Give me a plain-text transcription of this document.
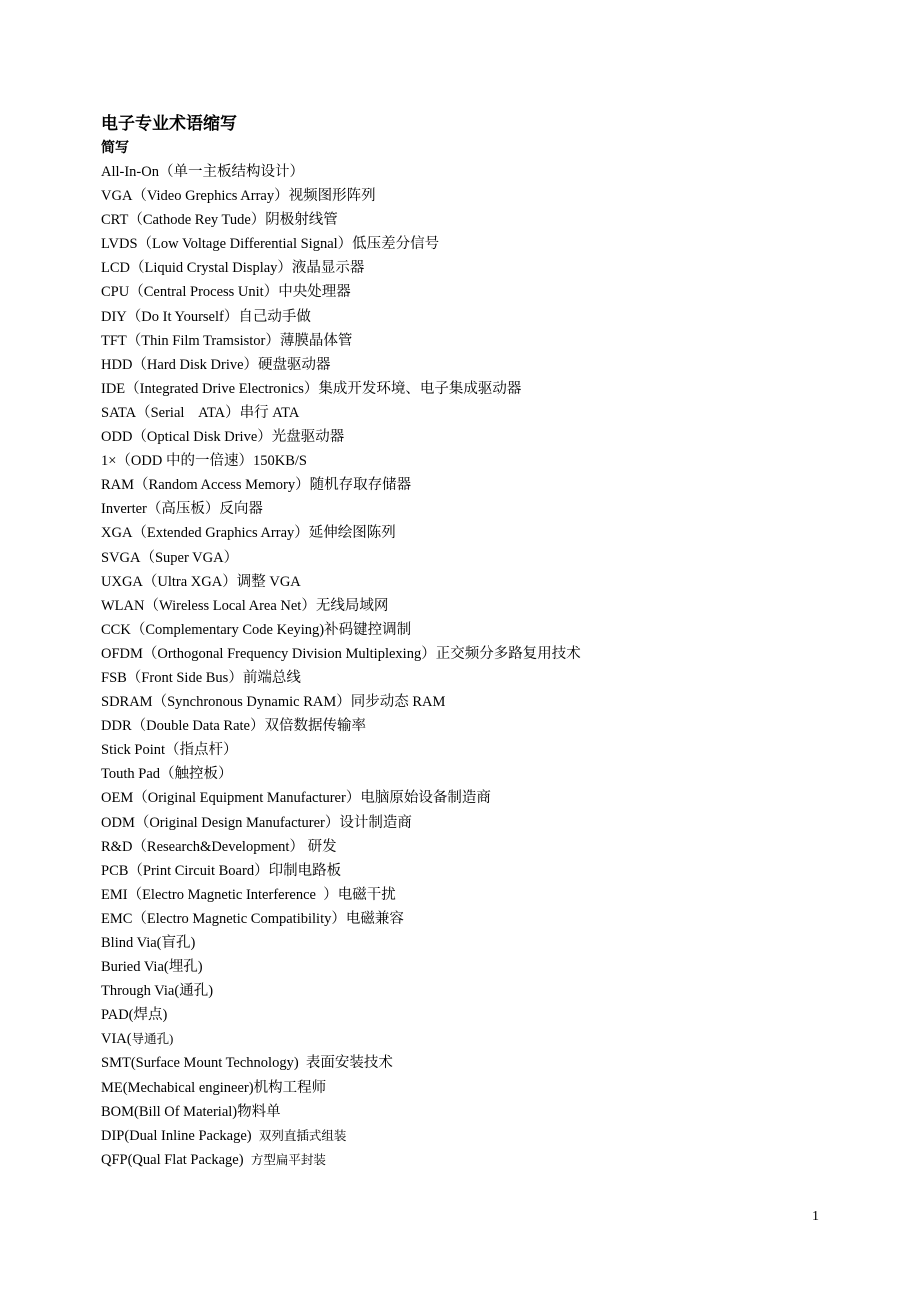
电子专业术语缩写
简写
All-In-On（单一主板结构设计）
VGA（Video Grephics Array）视频图形阵列
CRT（Cathode Rey Tude）阴极射线管
LVDS（Low Voltage Differential Signal）低压差分信号
LCD（Liquid Crystal Display）液晶显示器
CPU（Central Process Unit）中央处理器
DIY（Do It Yourself）自己动手做
TFT（Thin Film Tramsistor）薄膜晶体管
HDD（Hard Disk Drive）硬盘驱动器
IDE（Integrated Drive Electronics）集成开发环境、电子集成驱动器
SATA（Serial    ATA）串行 ATA
ODD（Optical Disk Drive）光盘驱动器
1×（ODD 中的一倍速）150KB/S
RAM（Random Access Memory）随机存取存储器
Inverter（高压板）反向器
XGA（Extended Graphics Array）延伸绘图陈列
SVGA（Super VGA）
UXGA（Ultra XGA）调整 VGA
WLAN（Wireless Local Area Net）无线局域网
CCK（Complementary Code Keying)补码键控调制
OFDM（Orthogonal Frequency Division Multiplexing）正交频分多路复用技术
FSB（Front Side Bus）前端总线
SDRAM（Synchronous Dynamic RAM）同步动态 RAM
DDR（Double Data Rate）双倍数据传输率
Stick Point（指点杆）
Touth Pad（触控板）
OEM（Original Equipment Manufacturer）电脑原始设备制造商
ODM（Original Design Manufacturer）设计制造商
R&D（Research&Development） 研发
PCB（Print Circuit Board）印制电路板
EMI（Electro Magnetic Interference  ）电磁干扰
EMC（Electro Magnetic Compatibility）电磁兼容
Blind Via(盲孔)
Buried Via(埋孔)
Through Via(通孔)
PAD(焊点)
VIA(导通孔)
SMT(Surface Mount Technology)  表面安装技术
ME(Mechabical engineer)机构工程师
BOM(Bill Of Material)物料单
DIP(Dual Inline Package)  双列直插式组装
QFP(Qual Flat Package)  方型扁平封装
1
